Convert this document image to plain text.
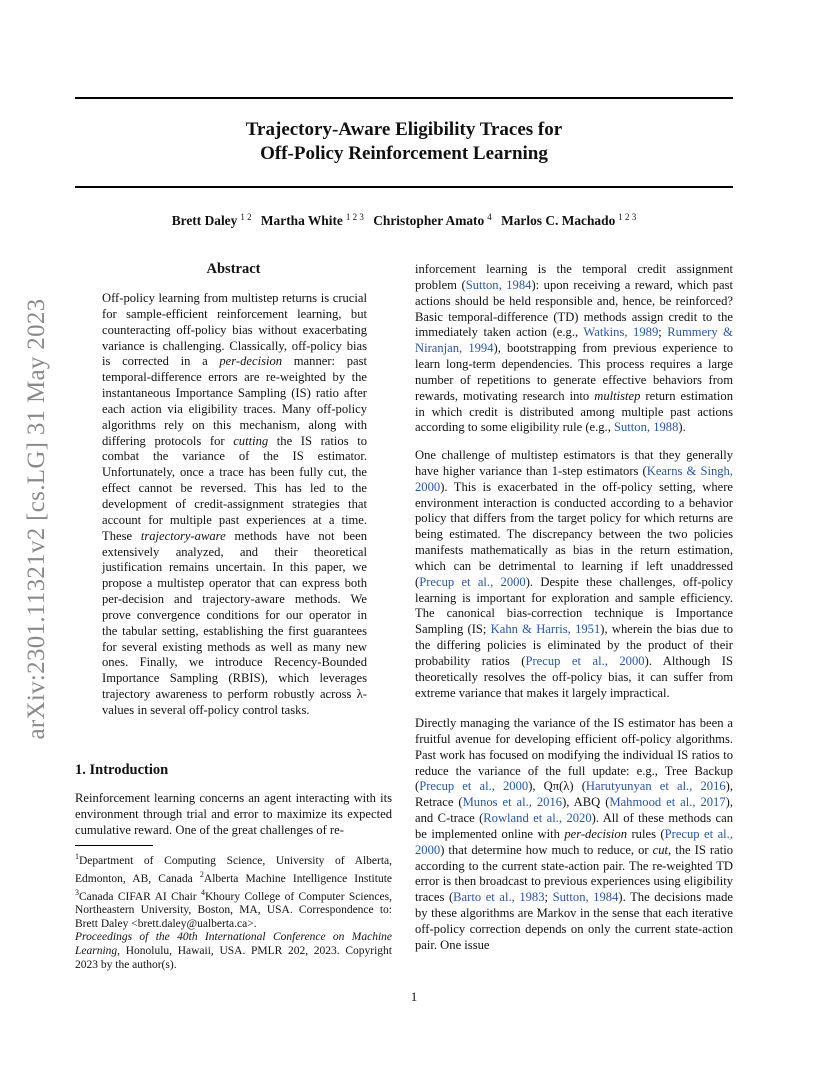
arXiv:2301.11321v2 [cs.LG] 31 May 2023
Trajectory-Aware Eligibility Traces for
Off-Policy Reinforcement Learning
Brett Daley $^{1 2}$ Martha White $^{1 2 3}$ Christopher Amato $^4$ Marlos C. Machado $^{1 2 3}$
Abstract
Off-policy learning from multistep returns is crucial for sample-efficient reinforcement learning, but counteracting off-policy bias without exacerbating variance is challenging. Classically, off-policy bias is corrected in a per-decision manner: past temporal-difference errors are re-weighted by the instantaneous Importance Sampling (IS) ratio after each action via eligibility traces. Many off-policy algorithms rely on this mechanism, along with differing protocols for cutting the IS ratios to combat the variance of the IS estimator. Unfortunately, once a trace has been fully cut, the effect cannot be reversed. This has led to the development of credit-assignment strategies that account for multiple past experiences at a time. These trajectory-aware methods have not been extensively analyzed, and their theoretical justification remains uncertain. In this paper, we propose a multistep operator that can express both per-decision and trajectory-aware methods. We prove convergence conditions for our operator in the tabular setting, establishing the first guarantees for several existing methods as well as many new ones. Finally, we introduce Recency-Bounded Importance Sampling (RBIS), which leverages trajectory awareness to perform robustly across λ-values in several off-policy control tasks.
1. Introduction
Reinforcement learning concerns an agent interacting with its environment through trial and error to maximize its expected cumulative reward. One of the great challenges of re-
$^1$Department of Computing Science, University of Alberta, Edmonton, AB, Canada $^2$Alberta Machine Intelligence Institute $^3$Canada CIFAR AI Chair $^4$Khoury College of Computer Sciences, Northeastern University, Boston, MA, USA. Correspondence to: Brett Daley <brett.daley@ualberta.ca>.
Proceedings of the 40th International Conference on Machine Learning, Honolulu, Hawaii, USA. PMLR 202, 2023. Copyright 2023 by the author(s).
inforcement learning is the temporal credit assignment problem (Sutton, 1984): upon receiving a reward, which past actions should be held responsible and, hence, be reinforced? Basic temporal-difference (TD) methods assign credit to the immediately taken action (e.g., Watkins, 1989; Rummery & Niranjan, 1994), bootstrapping from previous experience to learn long-term dependencies. This process requires a large number of repetitions to generate effective behaviors from rewards, motivating research into multistep return estimation in which credit is distributed among multiple past actions according to some eligibility rule (e.g., Sutton, 1988).
One challenge of multistep estimators is that they generally have higher variance than 1-step estimators (Kearns & Singh, 2000). This is exacerbated in the off-policy setting, where environment interaction is conducted according to a behavior policy that differs from the target policy for which returns are being estimated. The discrepancy between the two policies manifests mathematically as bias in the return estimation, which can be detrimental to learning if left unaddressed (Precup et al., 2000). Despite these challenges, off-policy learning is important for exploration and sample efficiency. The canonical bias-correction technique is Importance Sampling (IS; Kahn & Harris, 1951), wherein the bias due to the differing policies is eliminated by the product of their probability ratios (Precup et al., 2000). Although IS theoretically resolves the off-policy bias, it can suffer from extreme variance that makes it largely impractical.
Directly managing the variance of the IS estimator has been a fruitful avenue for developing efficient off-policy algorithms. Past work has focused on modifying the individual IS ratios to reduce the variance of the full update: e.g., Tree Backup (Precup et al., 2000), Qπ(λ) (Harutyunyan et al., 2016), Retrace (Munos et al., 2016), ABQ (Mahmood et al., 2017), and C-trace (Rowland et al., 2020). All of these methods can be implemented online with per-decision rules (Precup et al., 2000) that determine how much to reduce, or cut, the IS ratio according to the current state-action pair. The re-weighted TD error is then broadcast to previous experiences using eligibility traces (Barto et al., 1983; Sutton, 1984). The decisions made by these algorithms are Markov in the sense that each iterative off-policy correction depends on only the current state-action pair. One issue
1
